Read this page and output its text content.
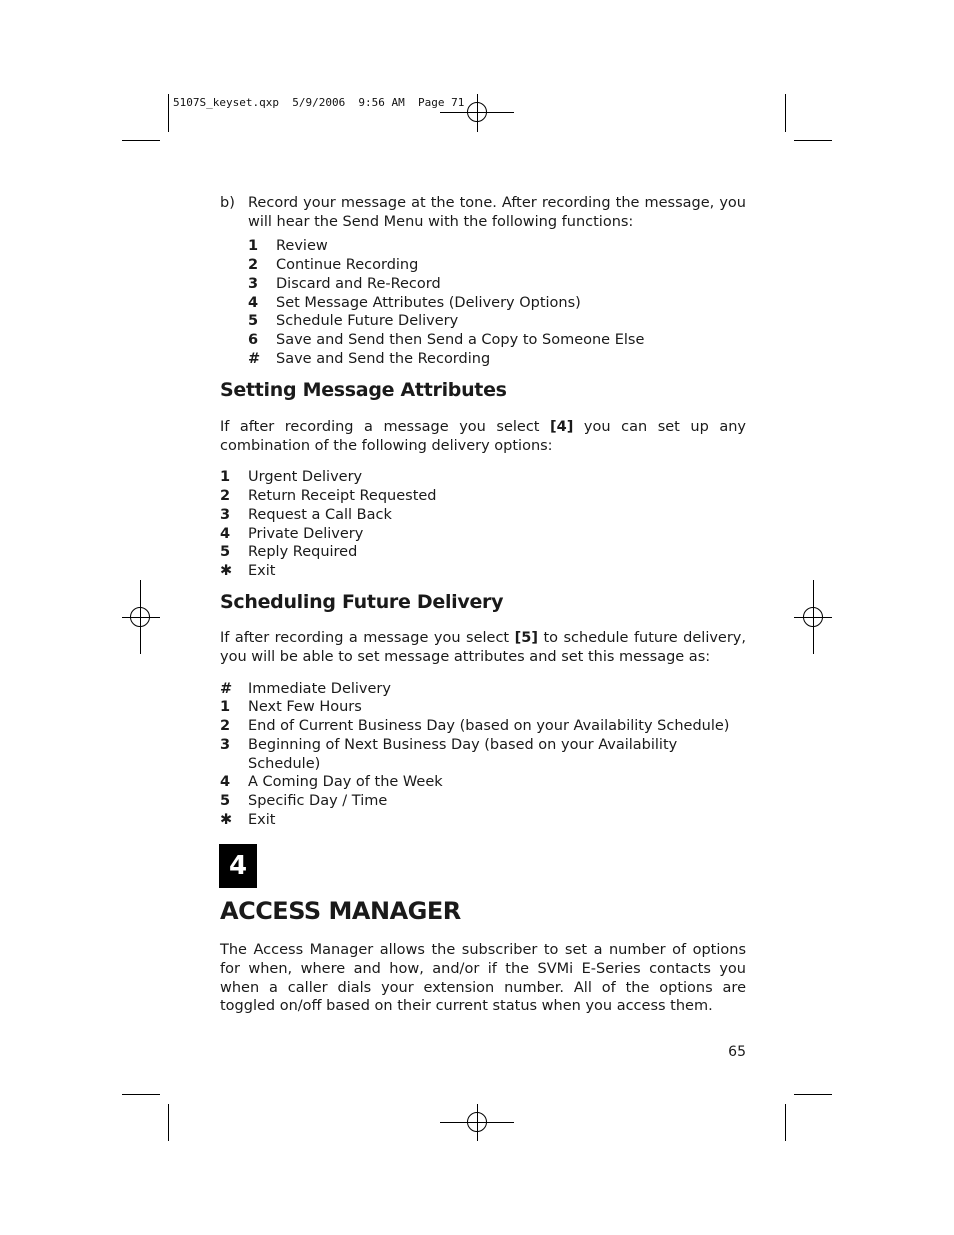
5107S_keyset.qxp  5/9/2006  9:56 AM  Page 71
b) Record your message at the tone. After recording the message, you will hear the Send Menu with the following functions:

1	Review
2	Continue Recording
3	Discard and Re-Record
4	Set Message Attributes (Delivery Options)
5	Schedule Future Delivery
6	Save and Send then Send a Copy to Someone Else
#	Save and Send the Recording
Setting Message Attributes

If after recording a message you select [4] you can set up any combination of the following delivery options:

1	Urgent Delivery
2	Return Receipt Requested
3	Request a Call Back
4	Private Delivery
5	Reply Required
✱	Exit
Scheduling Future Delivery

If after recording a message you select [5] to schedule future delivery, you will be able to set message attributes and set this message as:

#	Immediate Delivery
1	Next Few Hours
2	End of Current Business Day (based on your Availability Schedule)
3	Beginning of Next Business Day (based on your Availability Schedule)
4	A Coming Day of the Week
5	Specific Day / Time
✱	Exit
4
ACCESS MANAGER

The Access Manager allows the subscriber to set a number of options for when, where and how, and/or if the SVMi E-Series contacts you when a caller dials your extension number. All of the options are toggled on/off based on their current status when you access them.

65
